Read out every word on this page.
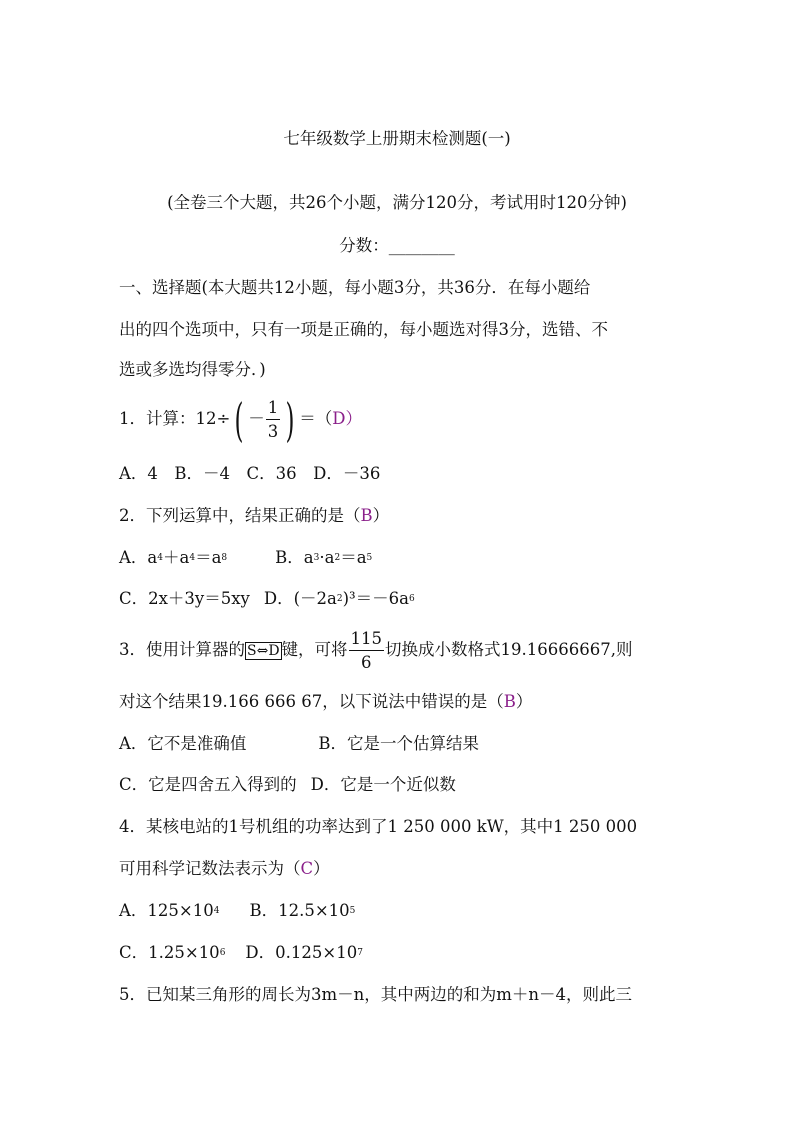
七年级数学上册期末检测题(一)
(全卷三个大题，共26个小题，满分120分，考试用时120分钟)
分数：________
一、选择题(本大题共12小题，每小题3分，共36分．在每小题给
出的四个选项中，只有一项是正确的，每小题选对得3分，选错、不
选或多选均得零分．)
1．计算：$12\div( - \frac{1}{3}$ ) ＝（D）
A．4　B．－4　C．36　D．－36
2．下列运算中，结果正确的是（B）
A．$a^4+a^4=a^8$	B．$a^3\cdot a^2=a^5$
C．2x＋3y＝5xy D．$(-2a^2)^3=-6a^6$
3．使用计算器的 S⇔D 键，可将 $\frac{115}{6}$ 切换成小数格式19.16666667,则
对这个结果19.166 666 67，以下说法中错误的是（B）
A．它不是准确值	B．它是一个估算结果
C．它是四舍五入得到的 D．它是一个近似数
4．某核电站的1号机组的功率达到了1 250 000 kW，其中1 250 000
可用科学记数法表示为（C）
A．$125\times 10^4$ B．$12.5\times 10^5$
C．$1.25\times 10^6$ D．$0.125\times 10^7$
5．已知某三角形的周长为3m－n，其中两边的和为m＋n－4，则此三
